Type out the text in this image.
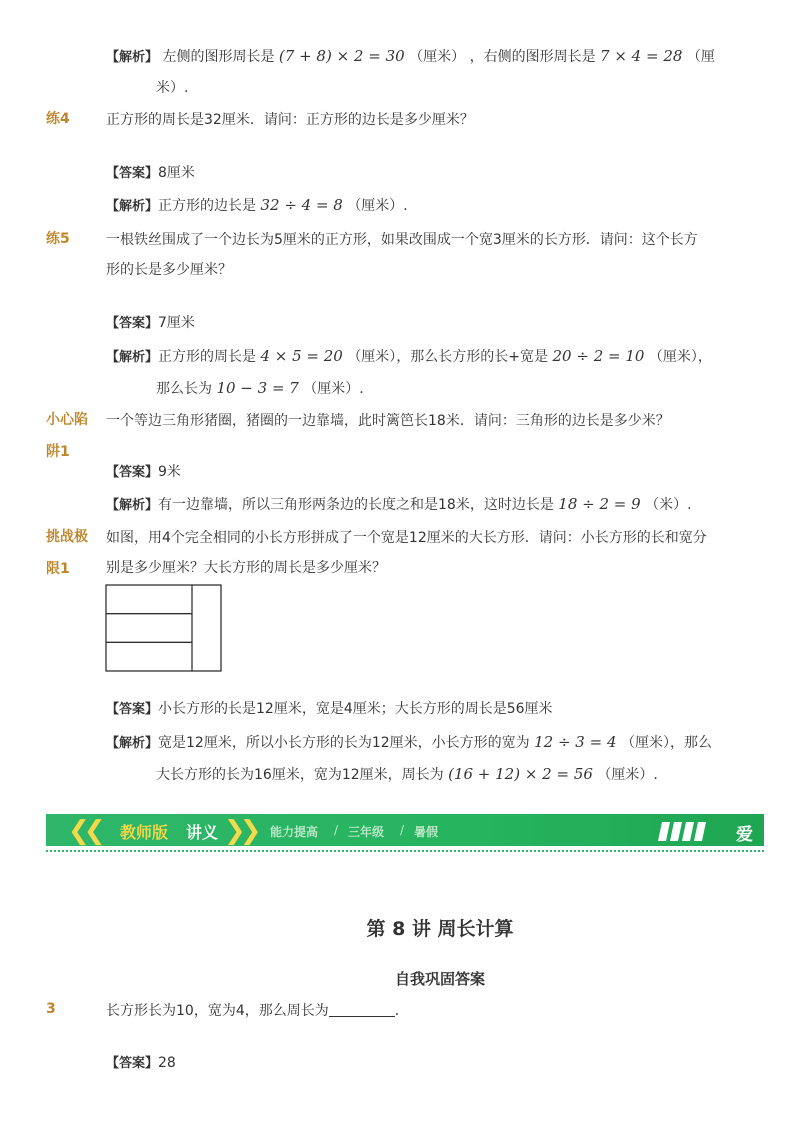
【解析】 左侧的图形周长是 (7 + 8) × 2 = 30 （厘米） ，右侧的图形周长是 7 × 4 = 28 （厘
米）.
练4	正方形的周长是32厘米．请问：正方形的边长是多少厘米？
【答案】8厘米
【解析】正方形的边长是 32 ÷ 4 = 8 （厘米）.
练5	一根铁丝围成了一个边长为5厘米的正方形，如果改围成一个宽3厘米的长方形．请问：这个长方
形的长是多少厘米？
【答案】7厘米
【解析】正方形的周长是 4 × 5 = 20 （厘米），那么长方形的长+宽是 20 ÷ 2 = 10 （厘米），
那么长为 10 − 3 = 7 （厘米）.
小心陷
阱1
一个等边三角形猪圈，猪圈的一边靠墙，此时篱笆长18米．请问：三角形的边长是多少米？
【答案】9米
【解析】有一边靠墙，所以三角形两条边的长度之和是18米，这时边长是 18 ÷ 2 = 9 （米）.
挑战极
限1
如图，用4个完全相同的小长方形拼成了一个宽是12厘米的大长方形．请问：小长方形的长和宽分
别是多少厘米？大长方形的周长是多少厘米？
【答案】小长方形的长是12厘米，宽是4厘米；大长方形的周长是56厘米
【解析】宽是12厘米，所以小长方形的长为12厘米，小长方形的宽为 12 ÷ 3 = 4 （厘米），那么
大长方形的长为16厘米，宽为12厘米，周长为 (16 + 12) × 2 = 56 （厘米）.
❮❮ 教师版 讲义 ❯❯ 能力提高 / 三年级 / 暑假	爱学习
第 8 讲 周长计算
自我巩固答案
3	长方形长为10，宽为4，那么周长为	．
【答案】28
